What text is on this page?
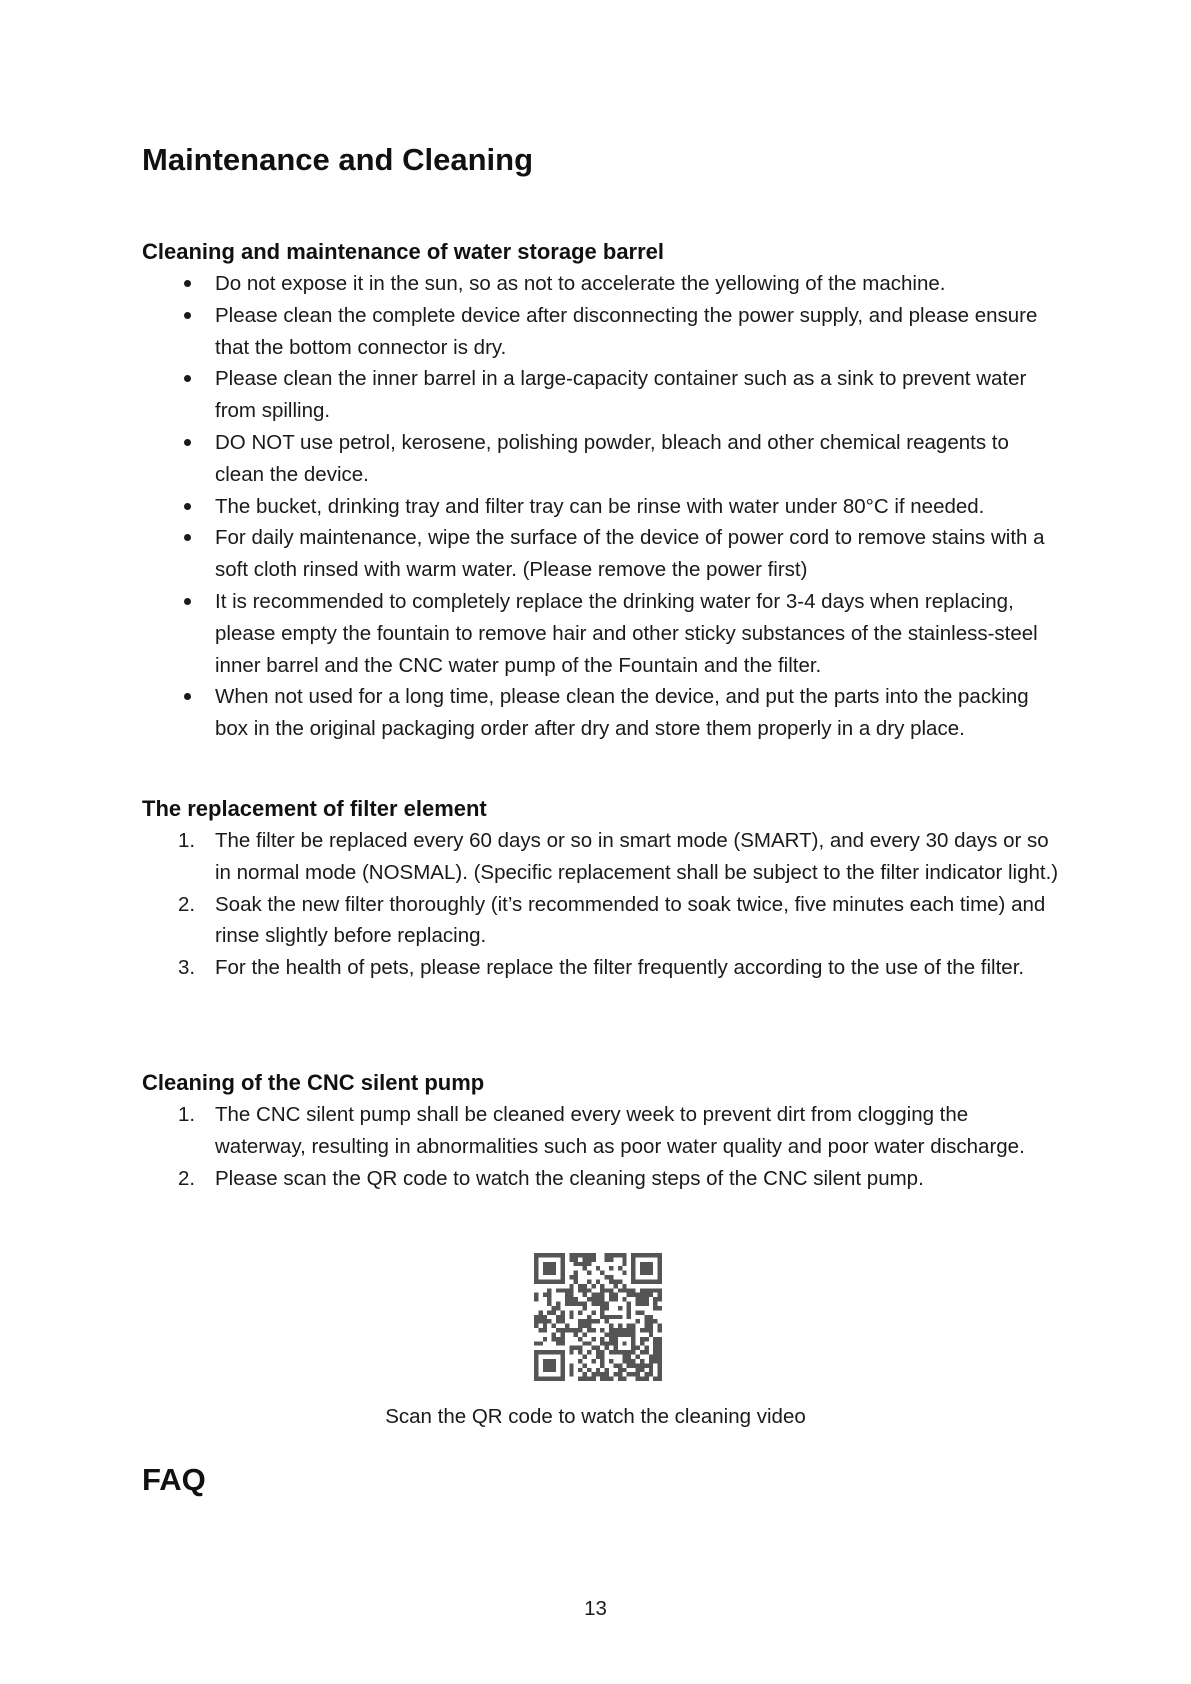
Maintenance and Cleaning
Cleaning and maintenance of water storage barrel
Do not expose it in the sun, so as not to accelerate the yellowing of the machine.
Please clean the complete device after disconnecting the power supply, and please ensure that the bottom connector is dry.
Please clean the inner barrel in a large-capacity container such as a sink to prevent water from spilling.
DO NOT use petrol, kerosene, polishing powder, bleach and other chemical reagents to clean the device.
The bucket, drinking tray and filter tray can be rinse with water under 80°C if needed.
For daily maintenance, wipe the surface of the device of power cord to remove stains with a soft cloth rinsed with warm water. (Please remove the power first)
It is recommended to completely replace the drinking water for 3-4 days when replacing, please empty the fountain to remove hair and other sticky substances of the stainless-steel inner barrel and the CNC water pump of the Fountain and the filter.
When not used for a long time, please clean the device, and put the parts into the packing box in the original packaging order after dry and store them properly in a dry place.
The replacement of filter element
1. The filter be replaced every 60 days or so in smart mode (SMART), and every 30 days or so in normal mode (NOSMAL). (Specific replacement shall be subject to the filter indicator light.)
2. Soak the new filter thoroughly (it’s recommended to soak twice, five minutes each time) and rinse slightly before replacing.
3. For the health of pets, please replace the filter frequently according to the use of the filter.
Cleaning of the CNC silent pump
1. The CNC silent pump shall be cleaned every week to prevent dirt from clogging the waterway, resulting in abnormalities such as poor water quality and poor water discharge.
2. Please scan the QR code to watch the cleaning steps of the CNC silent pump.
Scan the QR code to watch the cleaning video
FAQ
13
